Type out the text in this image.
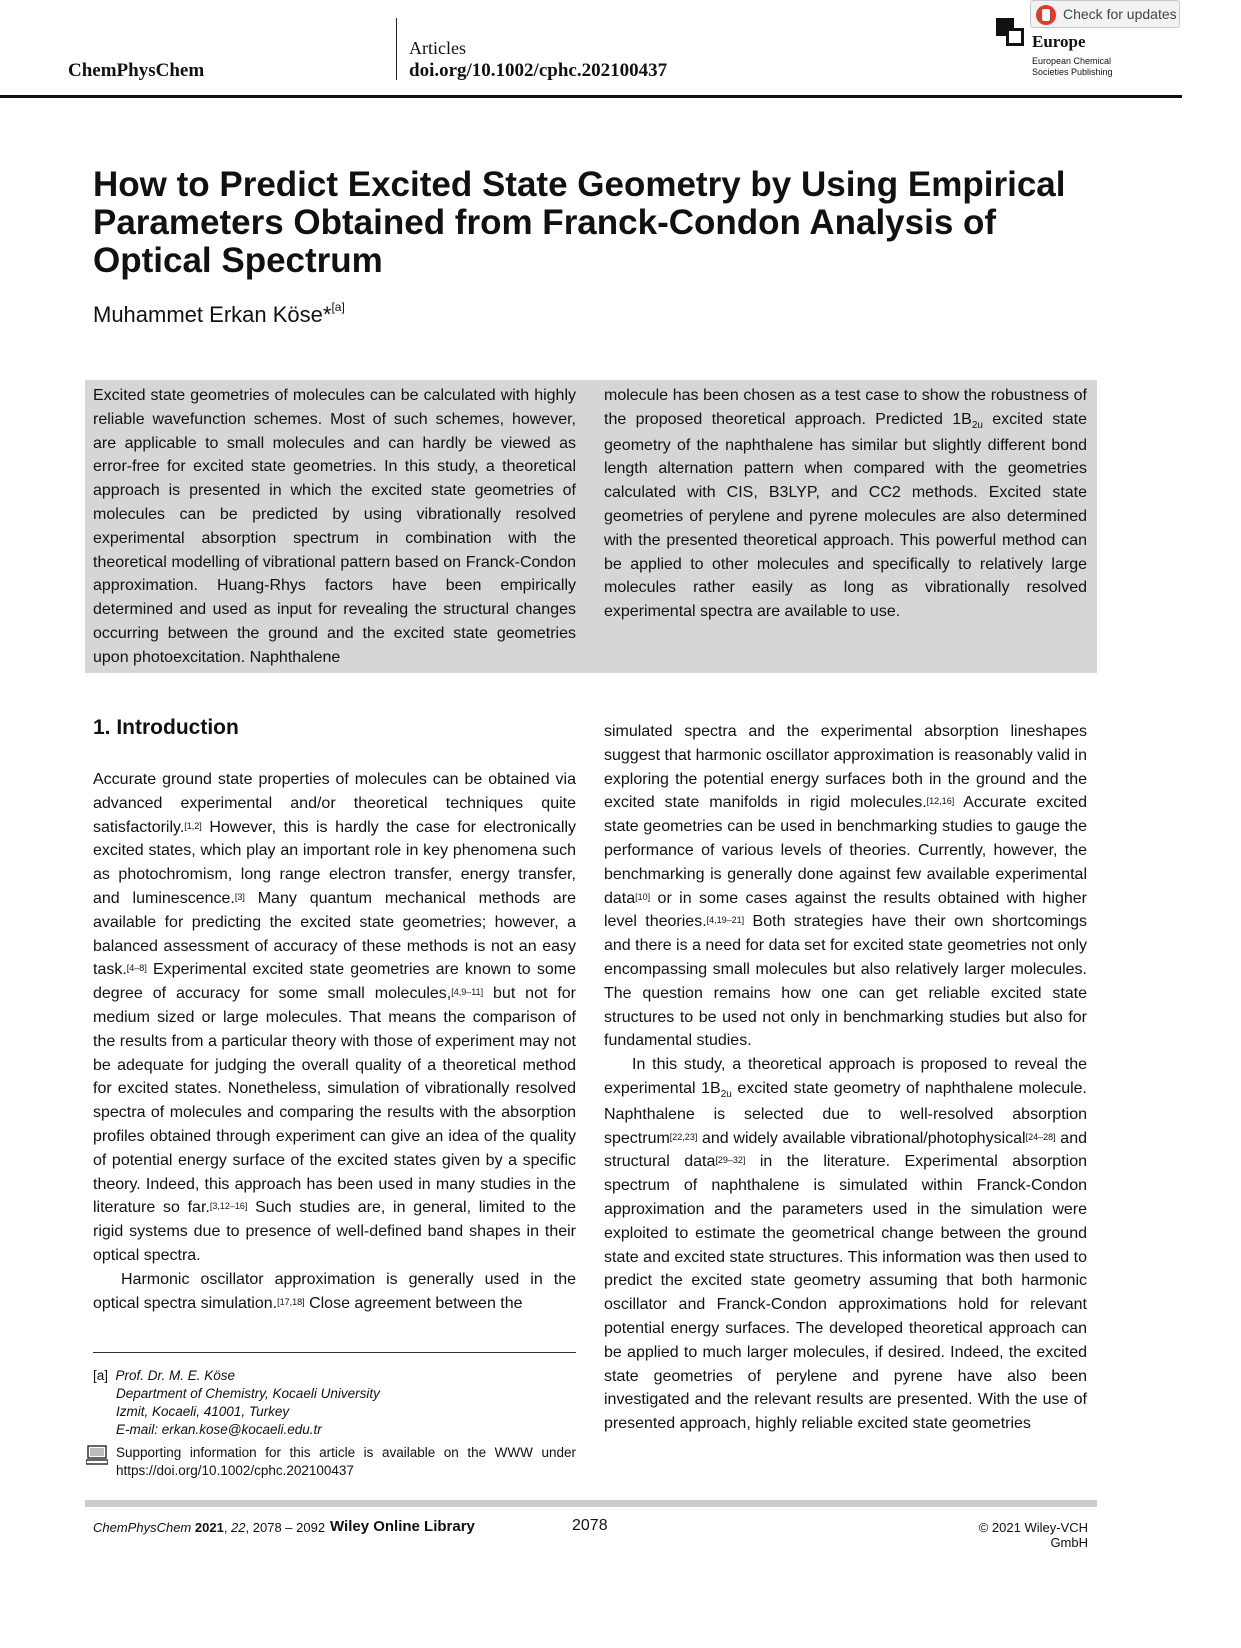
ChemPhysChem
Articles
doi.org/10.1002/cphc.202100437
Europe
European Chemical
Societies Publishing
Check for updates
How to Predict Excited State Geometry by Using Empirical Parameters Obtained from Franck-Condon Analysis of Optical Spectrum
Muhammet Erkan Köse*[a]
Excited state geometries of molecules can be calculated with highly reliable wavefunction schemes. Most of such schemes, however, are applicable to small molecules and can hardly be viewed as error-free for excited state geometries. In this study, a theoretical approach is presented in which the excited state geometries of molecules can be predicted by using vibrationally resolved experimental absorption spectrum in combination with the theoretical modelling of vibrational pattern based on Franck-Condon approximation. Huang-Rhys factors have been empirically determined and used as input for revealing the structural changes occurring between the ground and the excited state geometries upon photoexcitation. Naphthalene
molecule has been chosen as a test case to show the robustness of the proposed theoretical approach. Predicted $1B_{2u}$ excited state geometry of the naphthalene has similar but slightly different bond length alternation pattern when compared with the geometries calculated with CIS, B3LYP, and CC2 methods. Excited state geometries of perylene and pyrene molecules are also determined with the presented theoretical approach. This powerful method can be applied to other molecules and specifically to relatively large molecules rather easily as long as vibrationally resolved experimental spectra are available to use.
1. Introduction

Accurate ground state properties of molecules can be obtained via advanced experimental and/or theoretical techniques quite satisfactorily.[1,2] However, this is hardly the case for electronically excited states, which play an important role in key phenomena such as photochromism, long range electron transfer, energy transfer, and luminescence.[3] Many quantum mechanical methods are available for predicting the excited state geometries; however, a balanced assessment of accuracy of these methods is not an easy task.[4–8] Experimental excited state geometries are known to some degree of accuracy for some small molecules,[4,9–11] but not for medium sized or large molecules. That means the comparison of the results from a particular theory with those of experiment may not be adequate for judging the overall quality of a theoretical method for excited states. Nonetheless, simulation of vibrationally resolved spectra of molecules and comparing the results with the absorption profiles obtained through experiment can give an idea of the quality of potential energy surface of the excited states given by a specific theory. Indeed, this approach has been used in many studies in the literature so far.[3,12–16] Such studies are, in general, limited to the rigid systems due to presence of well-defined band shapes in their optical spectra.

Harmonic oscillator approximation is generally used in the optical spectra simulation.[17,18] Close agreement between the

simulated spectra and the experimental absorption lineshapes suggest that harmonic oscillator approximation is reasonably valid in exploring the potential energy surfaces both in the ground and the excited state manifolds in rigid molecules.[12,16] Accurate excited state geometries can be used in benchmarking studies to gauge the performance of various levels of theories. Currently, however, the benchmarking is generally done against few available experimental data[10] or in some cases against the results obtained with higher level theories.[4,19–21] Both strategies have their own shortcomings and there is a need for data set for excited state geometries not only encompassing small molecules but also relatively larger molecules. The question remains how one can get reliable excited state structures to be used not only in benchmarking studies but also for fundamental studies.

In this study, a theoretical approach is proposed to reveal the experimental $1B_{2u}$ excited state geometry of naphthalene molecule. Naphthalene is selected due to well-resolved absorption spectrum[22,23] and widely available vibrational/photophysical[24–28] and structural data[29–32] in the literature. Experimental absorption spectrum of naphthalene is simulated within Franck-Condon approximation and the parameters used in the simulation were exploited to estimate the geometrical change between the ground state and excited state structures. This information was then used to predict the excited state geometry assuming that both harmonic oscillator and Franck-Condon approximations hold for relevant potential energy surfaces. The developed theoretical approach can be applied to much larger molecules, if desired. Indeed, the excited state geometries of perylene and pyrene have also been investigated and the relevant results are presented. With the use of presented approach, highly reliable excited state geometries

[a] Prof. Dr. M. E. Köse
Department of Chemistry, Kocaeli University
Izmit, Kocaeli, 41001, Turkey
E-mail: erkan.kose@kocaeli.edu.tr
Supporting information for this article is available on the WWW under https://doi.org/10.1002/cphc.202100437
ChemPhysChem 2021, 22, 2078 – 2092 Wiley Online Library	2078	© 2021 Wiley-VCH GmbH
